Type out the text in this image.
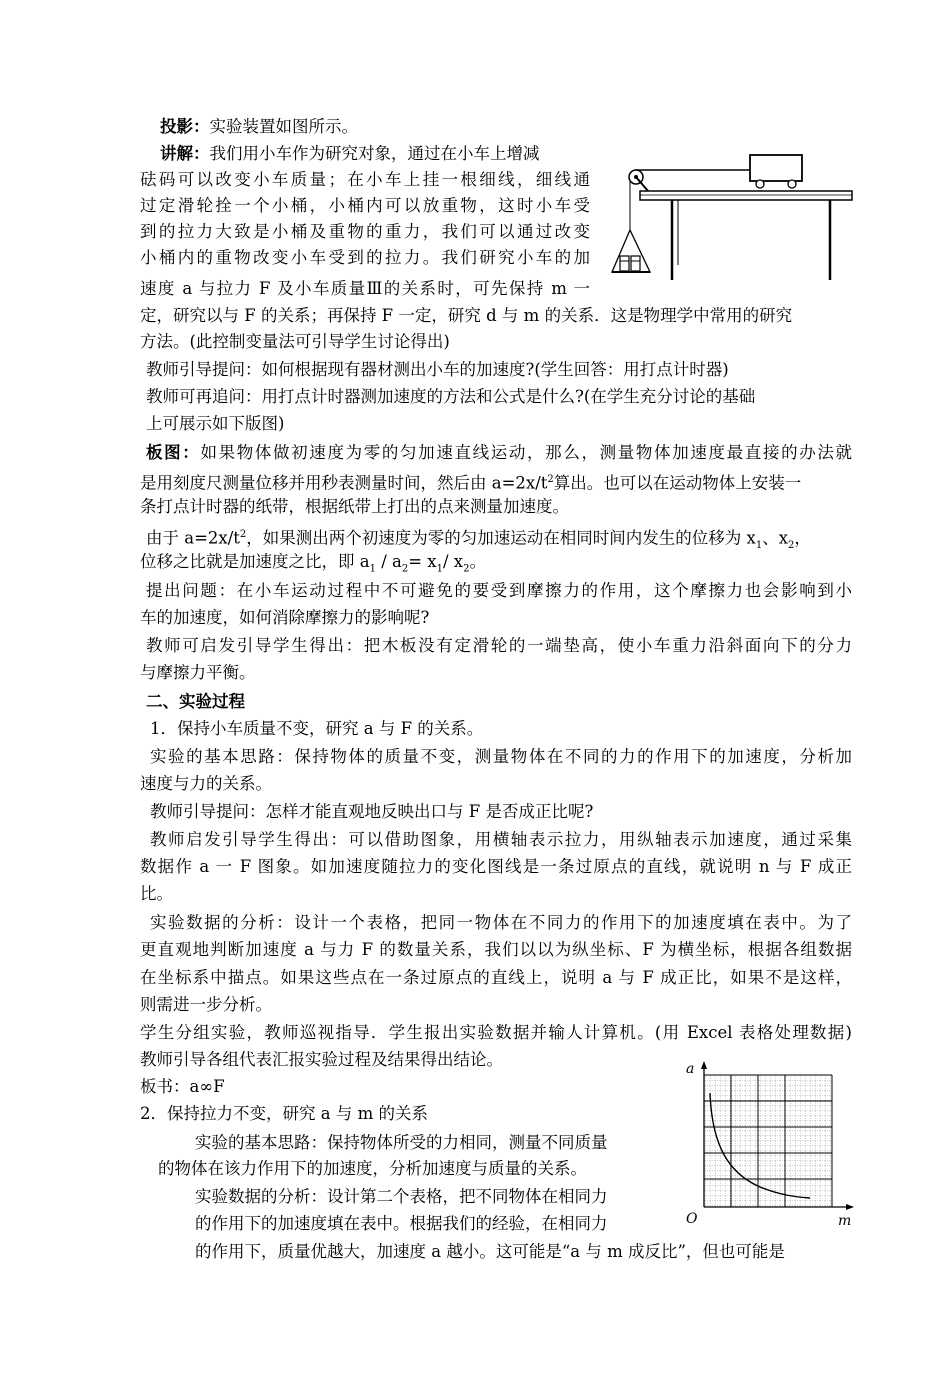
a
m
O
投影：实验装置如图所示。
讲解：我们用小车作为研究对象，通过在小车上增减
砝码可以改变小车质量；在小车上挂一根细线，细线通
过定滑轮拴一个小桶，小桶内可以放重物，这时小车受
到的拉力大致是小桶及重物的重力，我们可以通过改变
小桶内的重物改变小车受到的拉力。我们研究小车的加
速度 a 与拉力 F 及小车质量Ⅲ的关系时，可先保持 m 一
定，研究以与 F 的关系；再保持 F 一定，研究 d 与 m 的关系．这是物理学中常用的研究
方法。(此控制变量法可引导学生讨论得出)
教师引导提问：如何根据现有器材测出小车的加速度?(学生回答：用打点计时器)
教师可再追问：用打点计时器测加速度的方法和公式是什么?(在学生充分讨论的基础
上可展示如下版图)
板图：如果物体做初速度为零的匀加速直线运动，那么，测量物体加速度最直接的办法就
是用刻度尺测量位移并用秒表测量时间，然后由 $a=2x/t^2$算出。也可以在运动物体上安装一
条打点计时器的纸带，根据纸带上打出的点来测量加速度。
由于 $a=2x/t^2$，如果测出两个初速度为零的匀加速运动在相同时间内发生的位移为 $x_1$、$x_2$，
位移之比就是加速度之比，即 $a_1 / a_2= x_1/$ $x_2$。
提出问题：在小车运动过程中不可避免的要受到摩擦力的作用，这个摩擦力也会影响到小
车的加速度，如何消除摩擦力的影响呢?
教师可启发引导学生得出：把木板没有定滑轮的一端垫高，使小车重力沿斜面向下的分力
与摩擦力平衡。
二、实验过程
1．保持小车质量不变，研究 a 与 F 的关系。
实验的基本思路：保持物体的质量不变，测量物体在不同的力的作用下的加速度，分析加
速度与力的关系。
教师引导提问：怎样才能直观地反映出口与 F 是否成正比呢?
教师启发引导学生得出：可以借助图象，用横轴表示拉力，用纵轴表示加速度，通过采集
数据作 a 一 F 图象。如加速度随拉力的变化图线是一条过原点的直线，就说明 n 与 F 成正
比。
实验数据的分析：设计一个表格，把同一物体在不同力的作用下的加速度填在表中。为了
更直观地判断加速度 a 与力 F 的数量关系，我们以以为纵坐标、F 为横坐标，根据各组数据
在坐标系中描点。如果这些点在一条过原点的直线上，说明 a 与 F 成正比，如果不是这样，
则需进一步分析。
学生分组实验，教师巡视指导．学生报出实验数据并输人计算机。(用 Excel 表格处理数据)
教师引导各组代表汇报实验过程及结果得出结论。
板书：a∞F
2．保持拉力不变，研究 a 与 m 的关系
实验的基本思路：保持物体所受的力相同，测量不同质量
的物体在该力作用下的加速度，分析加速度与质量的关系。
实验数据的分析：设计第二个表格，把不同物体在相同力
的作用下的加速度填在表中。根据我们的经验，在相同力
的作用下，质量优越大，加速度 a 越小。这可能是“a 与 m 成反比”，但也可能是
